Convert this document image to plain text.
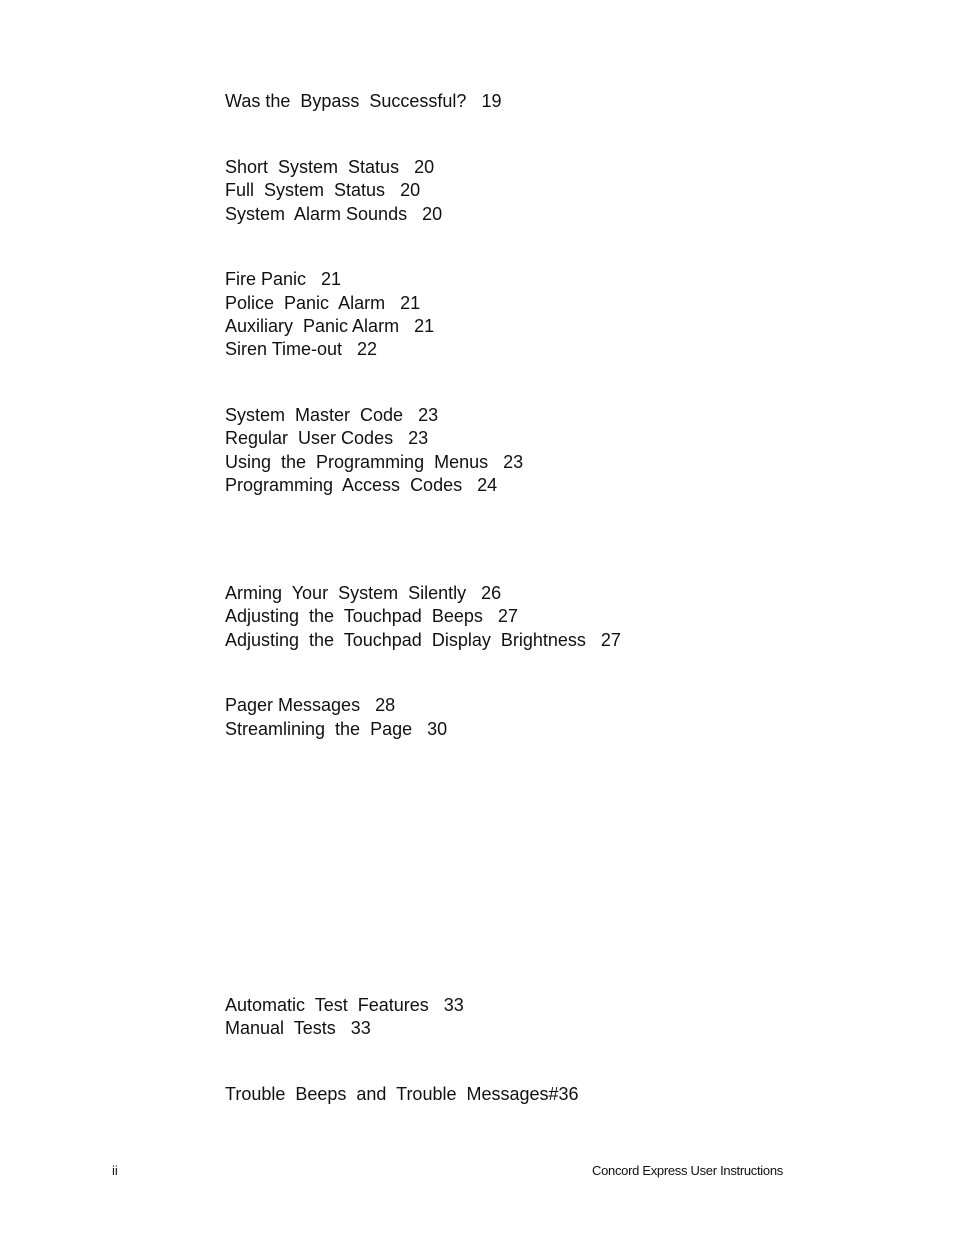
Was the  Bypass  Successful? 19

Short  System  Status 20

Full  System  Status 20

System  Alarm Sounds 20

Fire Panic 21

Police  Panic  Alarm 21

Auxiliary  Panic Alarm 21

Siren Time-out 22

System  Master  Code 23

Regular  User Codes 23

Using  the  Programming  Menus 23

Programming  Access  Codes 24

Arming  Your  System  Silently 26

Adjusting  the  Touchpad  Beeps 27

Adjusting  the  Touchpad  Display  Brightness 27

Pager Messages 28

Streamlining  the  Page 30

Automatic  Test  Features 33

Manual  Tests 33

Trouble  Beeps  and  Trouble  Messages#36

ii	Concord Express User Instructions
